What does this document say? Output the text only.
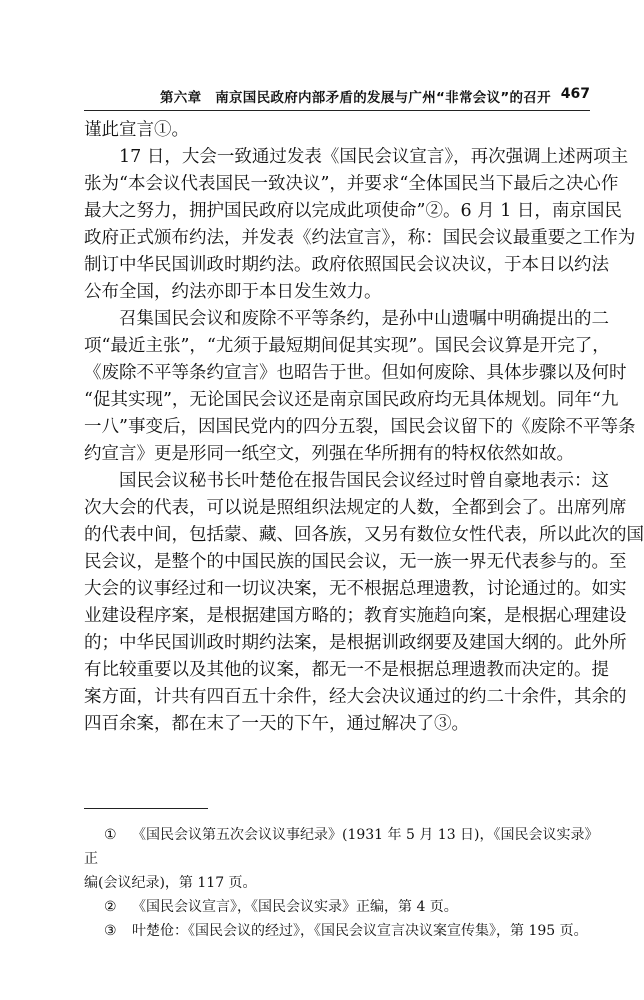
第六章　南京国民政府内部矛盾的发展与广州“非常会议”的召开 467

谨此宣言①。

17 日，大会一致通过发表《国民会议宣言》，再次强调上述两项主
张为“本会议代表国民一致决议”，并要求“全体国民当下最后之决心作
最大之努力，拥护国民政府以完成此项使命”②。6 月 1 日，南京国民
政府正式颁布约法，并发表《约法宣言》，称：国民会议最重要之工作为
制订中华民国训政时期约法。政府依照国民会议决议，于本日以约法
公布全国，约法亦即于本日发生效力。

召集国民会议和废除不平等条约，是孙中山遗嘱中明确提出的二
项“最近主张”，“尤须于最短期间促其实现”。国民会议算是开完了，
《废除不平等条约宣言》也昭告于世。但如何废除、具体步骤以及何时
“促其实现”，无论国民会议还是南京国民政府均无具体规划。同年“九
一八”事变后，因国民党内的四分五裂，国民会议留下的《废除不平等条
约宣言》更是形同一纸空文，列强在华所拥有的特权依然如故。

国民会议秘书长叶楚伧在报告国民会议经过时曾自豪地表示：这
次大会的代表，可以说是照组织法规定的人数，全都到会了。出席列席
的代表中间，包括蒙、藏、回各族，又另有数位女性代表，所以此次的国
民会议，是整个的中国民族的国民会议，无一族一界无代表参与的。至
大会的议事经过和一切议决案，无不根据总理遗教，讨论通过的。如实
业建设程序案，是根据建国方略的；教育实施趋向案，是根据心理建设
的；中华民国训政时期约法案，是根据训政纲要及建国大纲的。此外所
有比较重要以及其他的议案，都无一不是根据总理遗教而决定的。提
案方面，计共有四百五十余件，经大会决议通过的约二十余件，其余的
四百余案，都在末了一天的下午，通过解决了③。

① 《国民会议第五次会议议事纪录》(1931 年 5 月 13 日)，《国民会议实录》正
编(会议纪录)，第 117 页。

② 《国民会议宣言》，《国民会议实录》正编，第 4 页。

③ 叶楚伧：《国民会议的经过》，《国民会议宣言决议案宣传集》，第 195 页。
